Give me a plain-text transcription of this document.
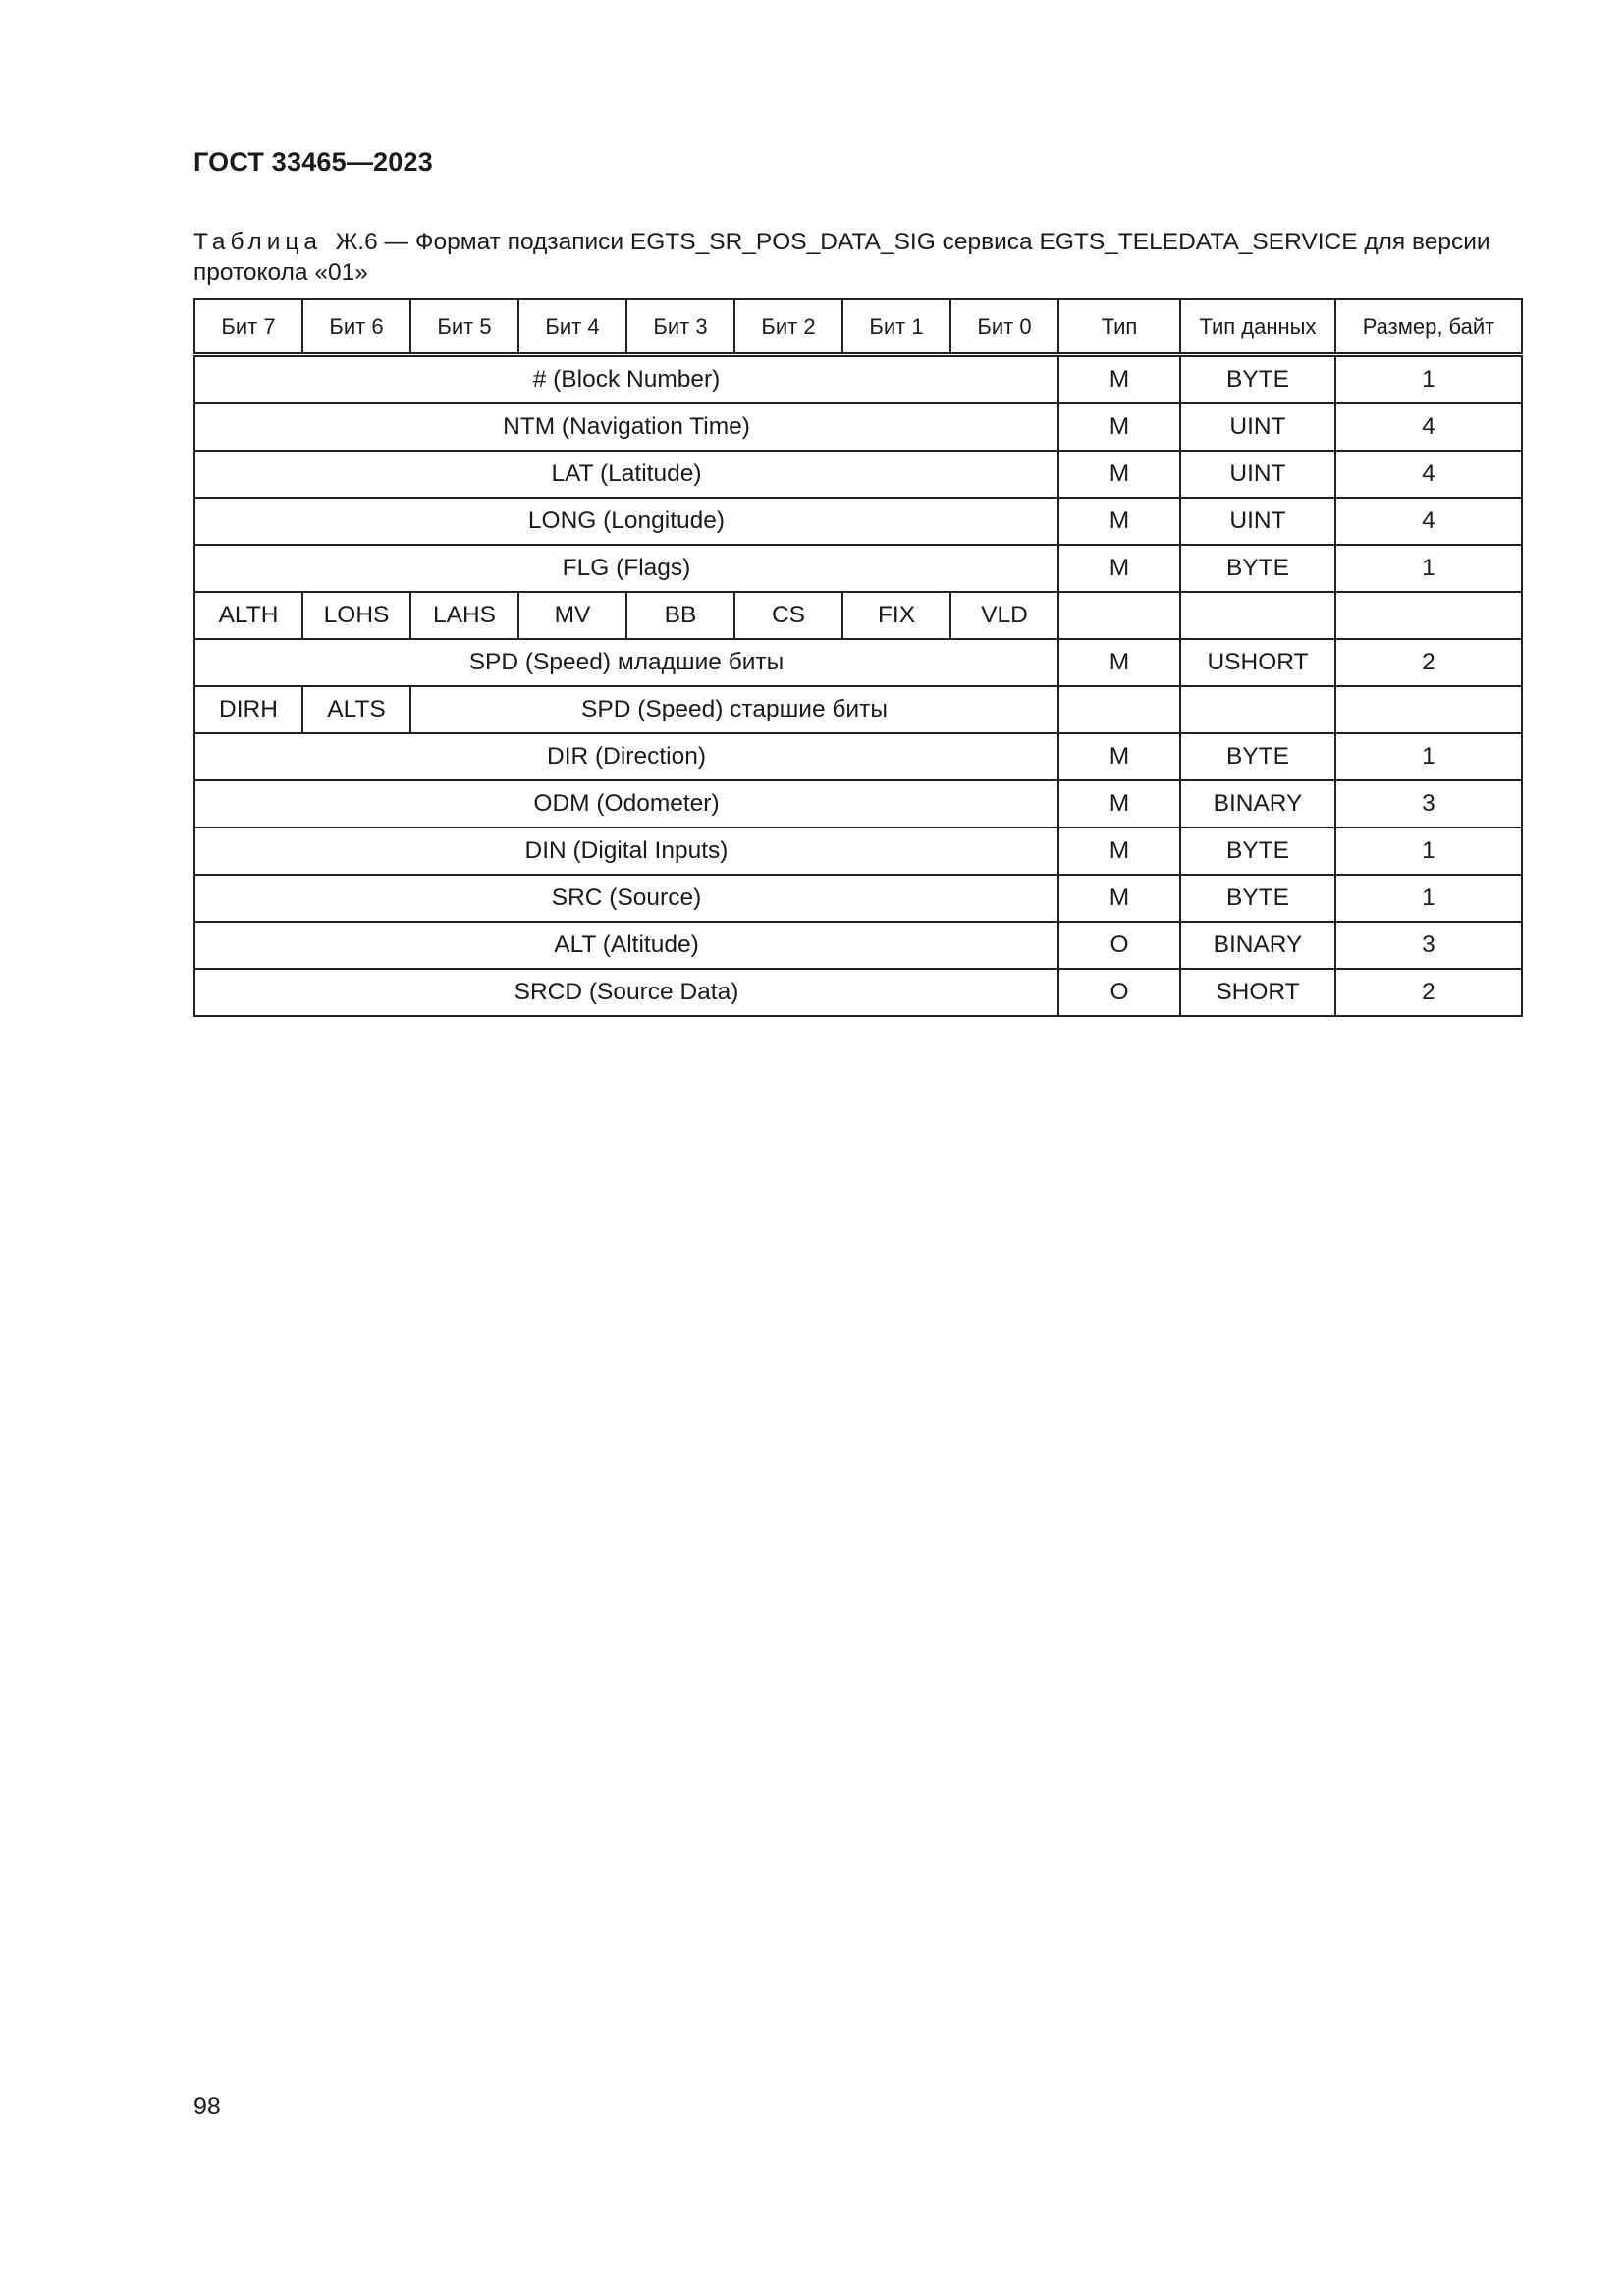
ГОСТ 33465—2023
Таблица Ж.6 — Формат подзаписи EGTS_SR_POS_DATA_SIG сервиса EGTS_TELEDATA_SERVICE для версии протокола «01»
Бит 7	Бит 6	Бит 5	Бит 4	Бит 3	Бит 2	Бит 1	Бит 0	Тип	Тип данных	Размер, байт
# (Block Number)								M	BYTE	1
NTM (Navigation Time)								M	UINT	4
LAT (Latitude)								M	UINT	4
LONG (Longitude)								M	UINT	4
FLG (Flags)								M	BYTE	1
ALTH	LOHS	LAHS	MV	BB	CS	FIX	VLD			
SPD (Speed) младшие биты								M	USHORT	2
DIRH	ALTS	SPD (Speed) старшие биты								
DIR (Direction)								M	BYTE	1
ODM (Odometer)								M	BINARY	3
DIN (Digital Inputs)								M	BYTE	1
SRC (Source)								M	BYTE	1
ALT (Altitude)								O	BINARY	3
SRCD (Source Data)								O	SHORT	2
98
